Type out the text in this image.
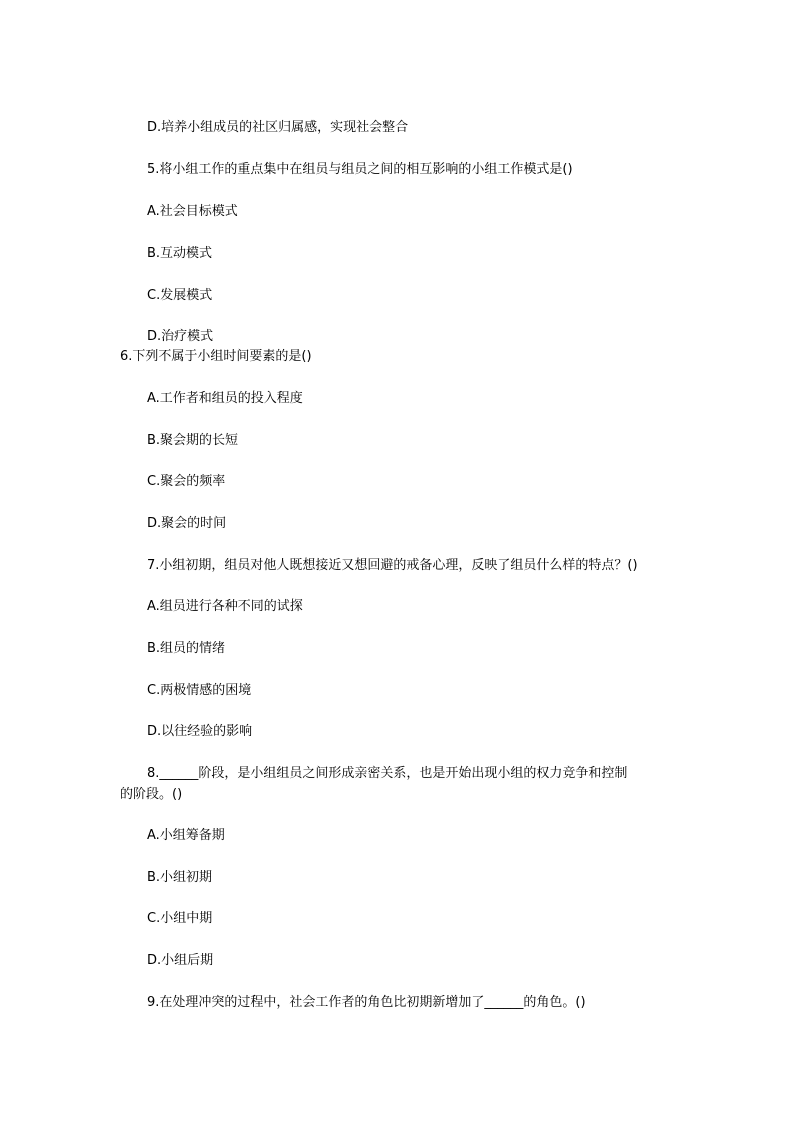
D.培养小组成员的社区归属感，实现社会整合
5.将小组工作的重点集中在组员与组员之间的相互影响的小组工作模式是()
A.社会目标模式
B.互动模式
C.发展模式
D.治疗模式
6.下列不属于小组时间要素的是()
A.工作者和组员的投入程度
B.聚会期的长短
C.聚会的频率
D.聚会的时间
7.小组初期，组员对他人既想接近又想回避的戒备心理，反映了组员什么样的特点？()
A.组员进行各种不同的试探
B.组员的情绪
C.两极情感的困境
D.以往经验的影响
8.______阶段，是小组组员之间形成亲密关系，也是开始出现小组的权力竞争和控制
的阶段。()
A.小组筹备期
B.小组初期
C.小组中期
D.小组后期
9.在处理冲突的过程中，社会工作者的角色比初期新增加了______的角色。()
